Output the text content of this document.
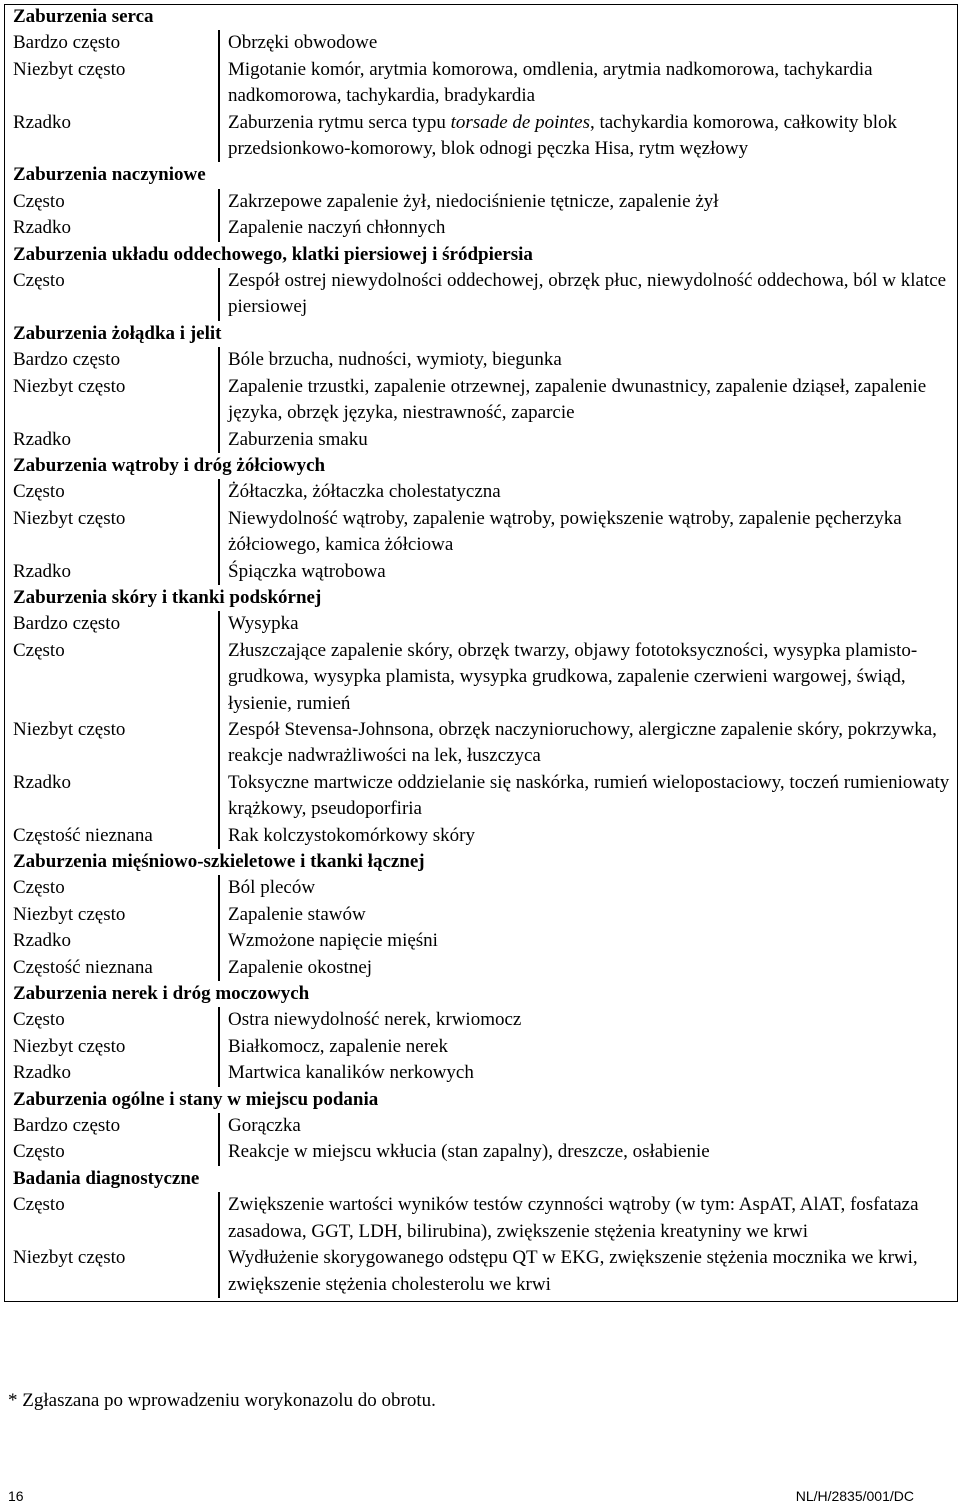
Zaburzenia serca	
Bardzo często	Obrzęki obwodowe
Niezbyt często	Migotanie komór, arytmia komorowa, omdlenia, arytmia nadkomorowa, tachykardia nadkomorowa, tachykardia, bradykardia
Rzadko	Zaburzenia rytmu serca typu torsade de pointes, tachykardia komorowa, całkowity blok przedsionkowo-komorowy, blok odnogi pęczka Hisa, rytm węzłowy
Zaburzenia naczyniowe	
Często	Zakrzepowe zapalenie żył, niedociśnienie tętnicze, zapalenie żył
Rzadko	Zapalenie naczyń chłonnych
Zaburzenia układu oddechowego, klatki piersiowej i śródpiersia	
Często	Zespół ostrej niewydolności oddechowej, obrzęk płuc, niewydolność oddechowa, ból w klatce piersiowej
Zaburzenia żołądka i jelit	
Bardzo często	Bóle brzucha, nudności, wymioty, biegunka
Niezbyt często	Zapalenie trzustki, zapalenie otrzewnej, zapalenie dwunastnicy, zapalenie dziąseł, zapalenie języka, obrzęk języka, niestrawność, zaparcie
Rzadko	Zaburzenia smaku
Zaburzenia wątroby i dróg żółciowych	
Często	Żółtaczka, żółtaczka cholestatyczna
Niezbyt często	Niewydolność wątroby, zapalenie wątroby, powiększenie wątroby, zapalenie pęcherzyka żółciowego, kamica żółciowa
Rzadko	Śpiączka wątrobowa
Zaburzenia skóry i tkanki podskórnej	
Bardzo często	Wysypka
Często	Złuszczające zapalenie skóry, obrzęk twarzy, objawy fototoksyczności, wysypka plamisto-grudkowa, wysypka plamista, wysypka grudkowa, zapalenie czerwieni wargowej, świąd, łysienie, rumień
Niezbyt często	Zespół Stevensa-Johnsona, obrzęk naczynioruchowy, alergiczne zapalenie skóry, pokrzywka, reakcje nadwrażliwości na lek, łuszczyca
Rzadko	Toksyczne martwicze oddzielanie się naskórka, rumień wielopostaciowy, toczeń rumieniowaty krążkowy, pseudoporfiria
Częstość nieznana	Rak kolczystokomórkowy skóry
Zaburzenia mięśniowo-szkieletowe i tkanki łącznej	
Często	Ból pleców
Niezbyt często	Zapalenie stawów
Rzadko	Wzmożone napięcie mięśni
Częstość nieznana	Zapalenie okostnej
Zaburzenia nerek i dróg moczowych	
Często	Ostra niewydolność nerek, krwiomocz
Niezbyt często	Białkomocz, zapalenie nerek
Rzadko	Martwica kanalików nerkowych
Zaburzenia ogólne i stany w miejscu podania	
Bardzo często	Gorączka
Często	Reakcje w miejscu wkłucia (stan zapalny), dreszcze, osłabienie
Badania diagnostyczne	
Często	Zwiększenie wartości wyników testów czynności wątroby (w tym: AspAT, AlAT, fosfataza zasadowa, GGT, LDH, bilirubina), zwiększenie stężenia kreatyniny we krwi
Niezbyt często	Wydłużenie skorygowanego odstępu QT w EKG, zwiększenie stężenia mocznika we krwi, zwiększenie stężenia cholesterolu we krwi
* Zgłaszana po wprowadzeniu worykonazolu do obrotu.
16	NL/H/2835/001/DC
